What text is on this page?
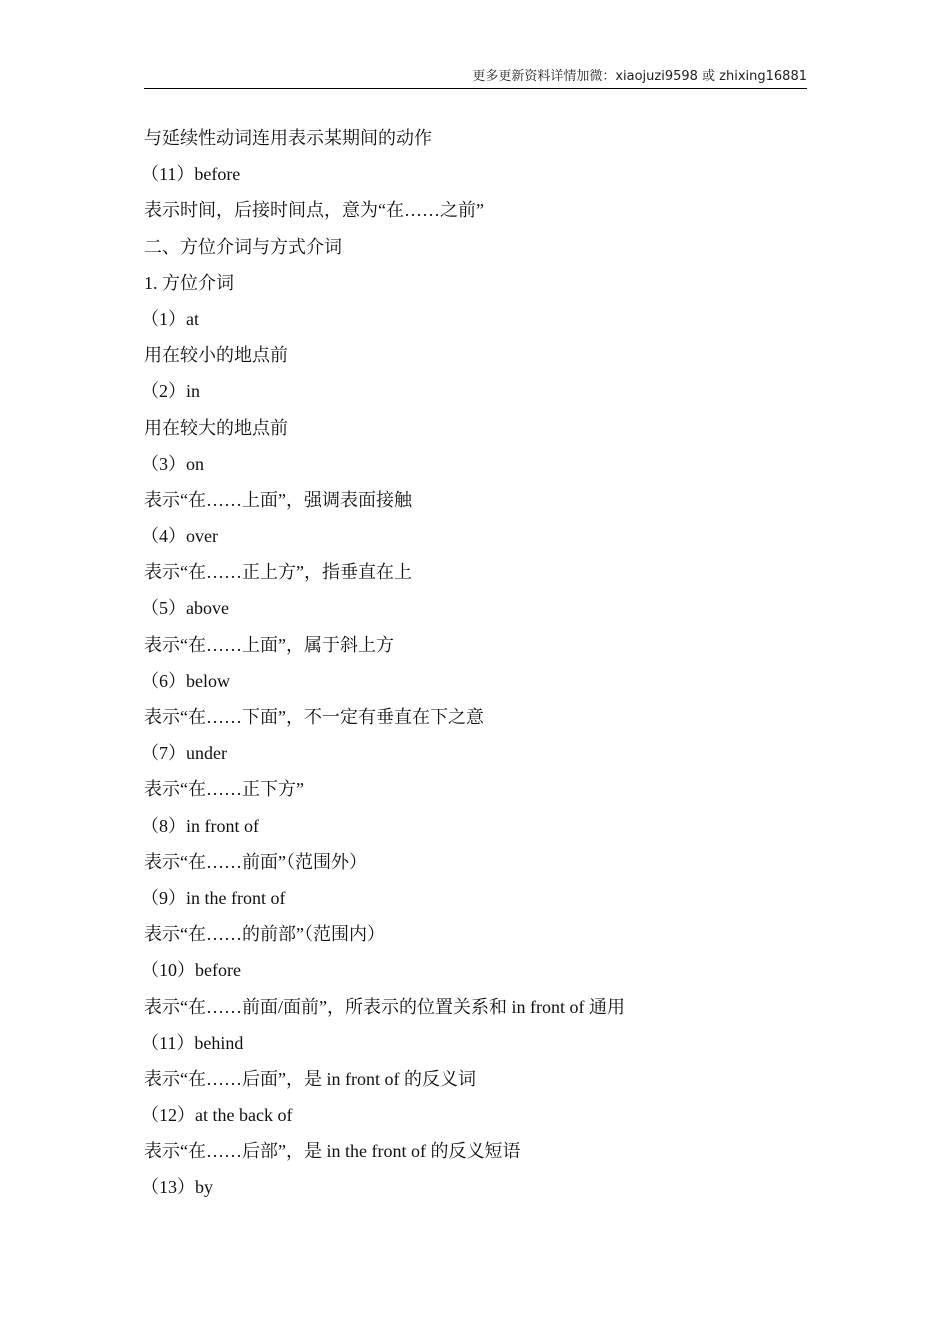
更多更新资料详情加微：xiaojuzi9598 或 zhixing16881
与延续性动词连用表示某期间的动作
（11）before
表示时间，后接时间点，意为“在……之前”
二、方位介词与方式介词
1. 方位介词
（1）at
用在较小的地点前
（2）in
用在较大的地点前
（3）on
表示“在……上面”，强调表面接触
（4）over
表示“在……正上方”，指垂直在上
（5）above
表示“在……上面”，属于斜上方
（6）below
表示“在……下面”，不一定有垂直在下之意
（7）under
表示“在……正下方”
（8）in front of
表示“在……前面”（范围外）
（9）in the front of
表示“在……的前部”（范围内）
（10）before
表示“在……前面/面前”，所表示的位置关系和 in front of 通用
（11）behind
表示“在……后面”，是 in front of 的反义词
（12）at the back of
表示“在……后部”，是 in the front of 的反义短语
（13）by
